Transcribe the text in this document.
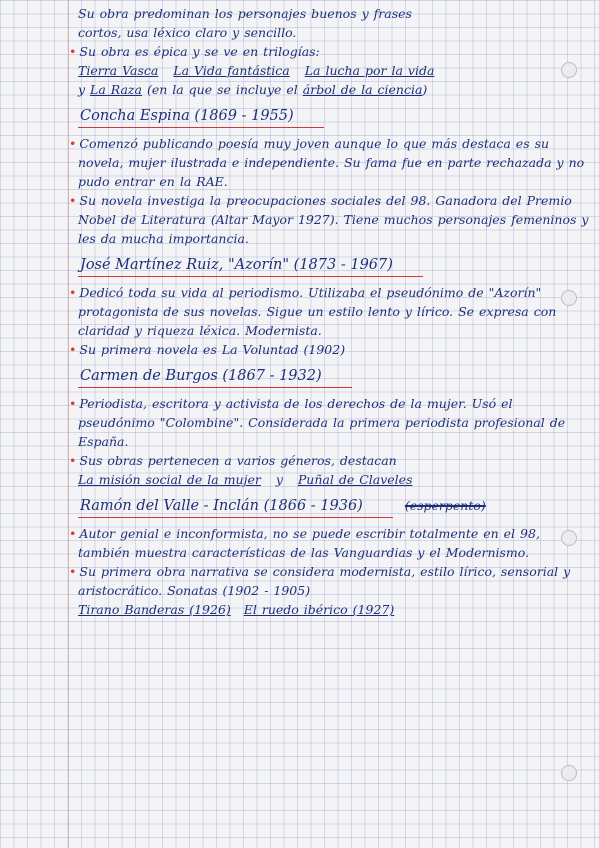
Su obra predominan los personajes buenos y frases

cortos, usa léxico claro y sencillo.

• Su obra es épica y se ve en trilogías:

Tierra Vasca La Vida fantástica La lucha por la vida

y La Raza (en la que se incluye el árbol de la ciencia)

Concha Espina (1869 - 1955)

• Comenzó publicando poesía muy joven aunque lo que más destaca es su novela, mujer ilustrada e independiente. Su fama fue en parte rechazada y no pudo entrar en la RAE.

• Su novela investiga la preocupaciones sociales del 98. Ganadora del Premio Nobel de Literatura (Altar Mayor 1927). Tiene muchos personajes femeninos y les da mucha importancia.

José Martínez Ruiz, "Azorín" (1873 - 1967)

• Dedicó toda su vida al periodismo. Utilizaba el pseudónimo de "Azorín" protagonista de sus novelas. Sigue un estilo lento y lírico. Se expresa con claridad y riqueza léxica. Modernista.

• Su primera novela es La Voluntad (1902)

Carmen de Burgos (1867 - 1932)

• Periodista, escritora y activista de los derechos de la mujer. Usó el pseudónimo "Colombine". Considerada la primera periodista profesional de España.

• Sus obras pertenecen a varios géneros, destacan

La misión social de la mujer y Puñal de Claveles

Ramón del Valle - Inclán (1866 - 1936)	(esperpento)

• Autor genial e inconformista, no se puede escribir totalmente en el 98, también muestra características de las Vanguardias y el Modernismo.

• Su primera obra narrativa se considera modernista, estilo lírico, sensorial y aristocrático. Sonatas (1902 - 1905)

Tirano Banderas (1926) El ruedo ibérico (1927)
